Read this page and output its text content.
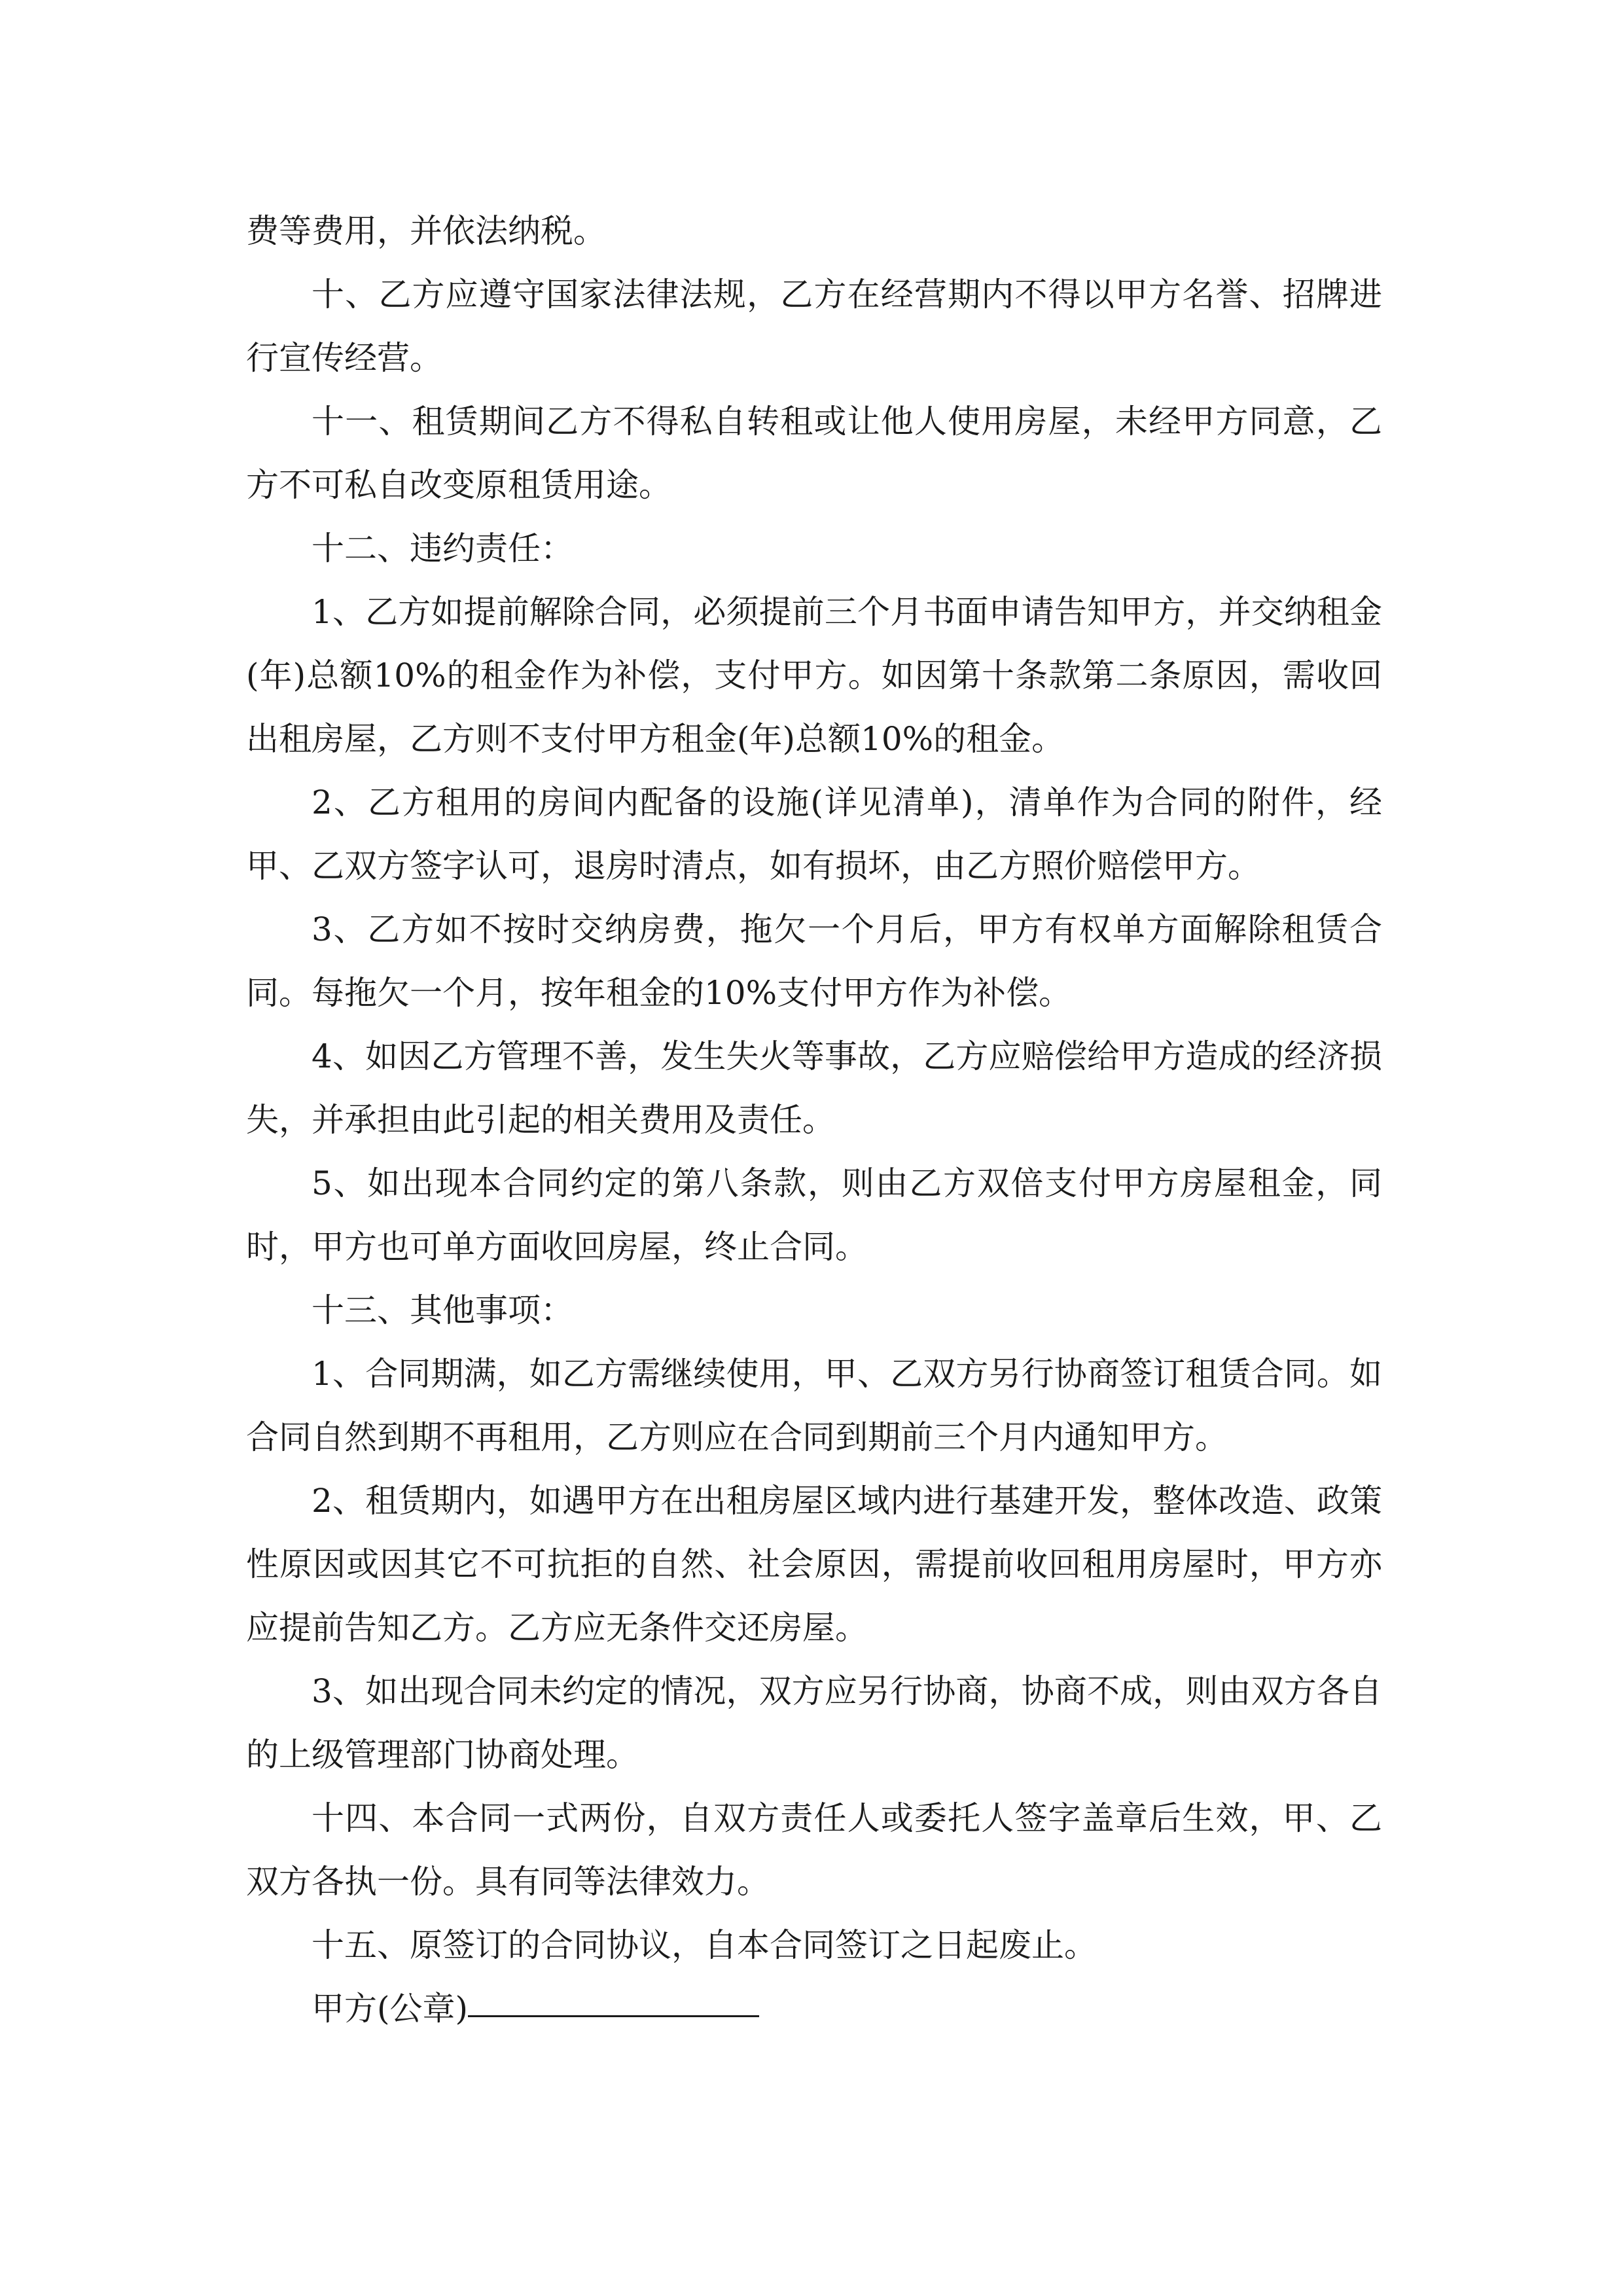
费等费用，并依法纳税。

十、乙方应遵守国家法律法规，乙方在经营期内不得以甲方名誉、招牌进行宣传经营。

十一、租赁期间乙方不得私自转租或让他人使用房屋，未经甲方同意，乙方不可私自改变原租赁用途。

十二、违约责任：

1、乙方如提前解除合同，必须提前三个月书面申请告知甲方，并交纳租金(年)总额10%的租金作为补偿，支付甲方。如因第十条款第二条原因，需收回出租房屋，乙方则不支付甲方租金(年)总额10%的租金。

2、乙方租用的房间内配备的设施(详见清单)，清单作为合同的附件，经甲、乙双方签字认可，退房时清点，如有损坏，由乙方照价赔偿甲方。

3、乙方如不按时交纳房费，拖欠一个月后，甲方有权单方面解除租赁合同。每拖欠一个月，按年租金的10%支付甲方作为补偿。

4、如因乙方管理不善，发生失火等事故，乙方应赔偿给甲方造成的经济损失，并承担由此引起的相关费用及责任。

5、如出现本合同约定的第八条款，则由乙方双倍支付甲方房屋租金，同时，甲方也可单方面收回房屋，终止合同。

十三、其他事项：

1、合同期满，如乙方需继续使用，甲、乙双方另行协商签订租赁合同。如合同自然到期不再租用，乙方则应在合同到期前三个月内通知甲方。

2、租赁期内，如遇甲方在出租房屋区域内进行基建开发，整体改造、政策性原因或因其它不可抗拒的自然、社会原因，需提前收回租用房屋时，甲方亦应提前告知乙方。乙方应无条件交还房屋。

3、如出现合同未约定的情况，双方应另行协商，协商不成，则由双方各自的上级管理部门协商处理。

十四、本合同一式两份，自双方责任人或委托人签字盖章后生效，甲、乙双方各执一份。具有同等法律效力。

十五、原签订的合同协议，自本合同签订之日起废止。

甲方(公章)
